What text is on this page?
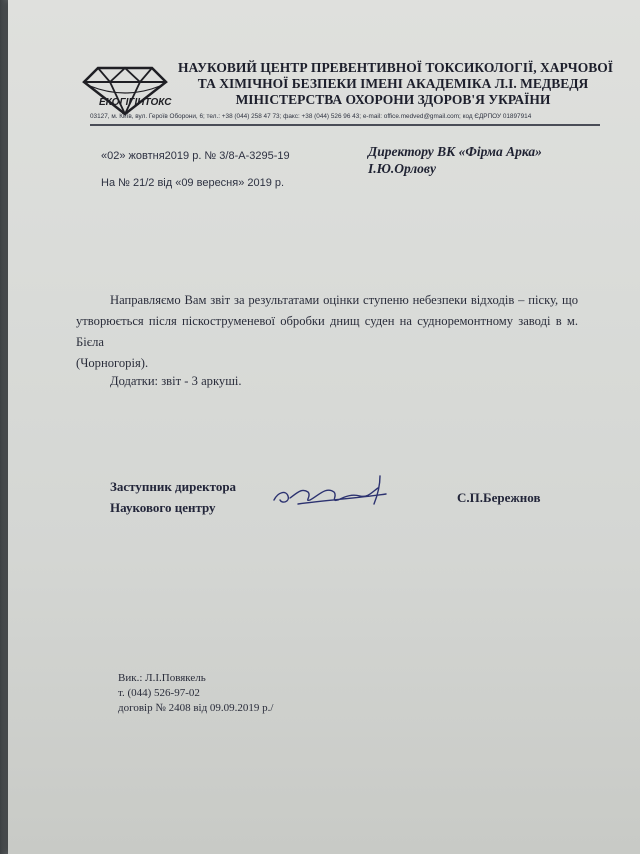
ЕКОГІГІНТОКС
НАУКОВИЙ ЦЕНТР ПРЕВЕНТИВНОЇ ТОКСИКОЛОГІЇ, ХАРЧОВОЇ
ТА ХІМІЧНОЇ БЕЗПЕКИ ІМЕНІ АКАДЕМІКА Л.І. МЕДВЕДЯ
МІНІСТЕРСТВА ОХОРОНИ ЗДОРОВ'Я УКРАЇНИ
03127, м. Київ, вул. Героїв Оборони, 6; тел.: +38 (044) 258 47 73; факс: +38 (044) 526 96 43; e-mail: office.medved@gmail.com; код ЄДРПОУ 01897914
«02» жовтня2019 р. № 3/8-А-3295-19
На № 21/2 від «09 вересня» 2019 р.
Директору ВК «Фірма Арка»
І.Ю.Орлову
Направляємо Вам звіт за результатами оцінки ступеню небезпеки відходів – піску, що
утворюється після піскоструменевої обробки днищ суден на судноремонтному заводі в м. Бієла
(Чорногорія).
Додатки: звіт - 3 аркуші.
Заступник директора
Наукового центру
С.П.Бережнов
Вик.: Л.І.Повякель
т. (044) 526-97-02
договір № 2408 від 09.09.2019 р./
